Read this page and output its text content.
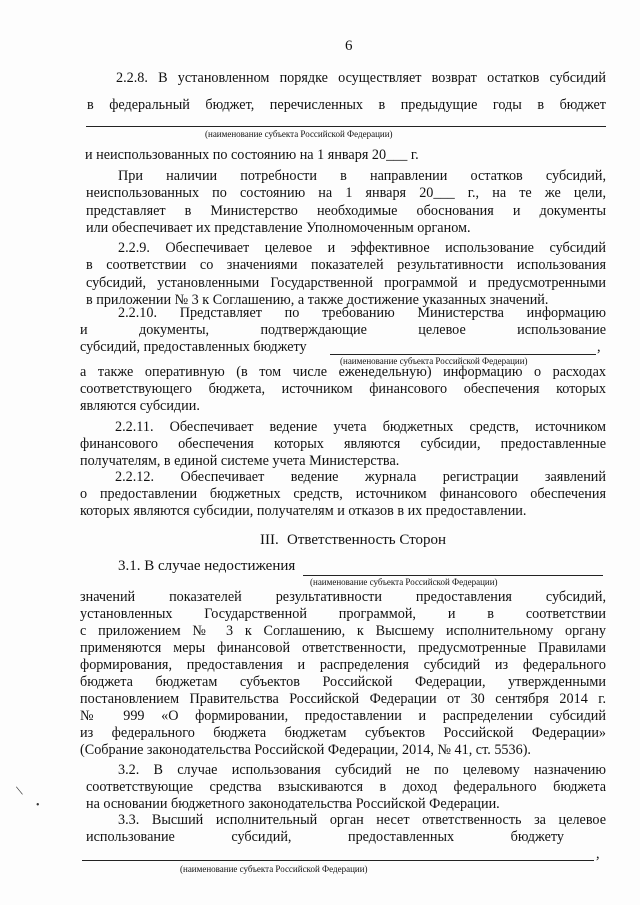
6
2.2.8. В установленном порядке осуществляет возврат остатков субсидий
в федеральный бюджет, перечисленных в предыдущие годы в бюджет
(наименование субъекта Российской Федерации)
и неиспользованных по состоянию на 1 января 20___ г.
При наличии потребности в направлении остатков субсидий,
неиспользованных по состоянию на 1 января 20___ г., на те же цели,
представляет в Министерство необходимые обоснования и документы
или обеспечивает их представление Уполномоченным органом.
2.2.9. Обеспечивает целевое и эффективное использование субсидий
в соответствии со значениями показателей результативности использования
субсидий, установленными Государственной программой и предусмотренными
в приложении № 3 к Соглашению, а также достижение указанных значений.
2.2.10. Представляет по требованию Министерства информацию
и документы, подтверждающие целевое использование
субсидий, предоставленных бюджету	,
(наименование субъекта Российской Федерации)
а также оперативную (в том числе еженедельную) информацию о расходах
соответствующего бюджета, источником финансового обеспечения которых
являются субсидии.
2.2.11. Обеспечивает ведение учета бюджетных средств, источником
финансового обеспечения которых являются субсидии, предоставленные
получателям, в единой системе учета Министерства.
2.2.12. Обеспечивает ведение журнала регистрации заявлений
о предоставлении бюджетных средств, источником финансового обеспечения
которых являются субсидии, получателям и отказов в их предоставлении.
III. Ответственность Сторон
3.1. В случае недостижения
(наименование субъекта Российской Федерации)
значений показателей результативности предоставления субсидий,
установленных Государственной программой, и в соответствии
с приложением № 3 к Соглашению, к Высшему исполнительному органу
применяются меры финансовой ответственности, предусмотренные Правилами
формирования, предоставления и распределения субсидий из федерального
бюджета бюджетам субъектов Российской Федерации, утвержденными
постановлением Правительства Российской Федерации от 30 сентября 2014 г.
№ 999 «О формировании, предоставлении и распределении субсидий
из федерального бюджета бюджетам субъектов Российской Федерации»
(Собрание законодательства Российской Федерации, 2014, № 41, ст. 5536).
3.2. В случае использования субсидий не по целевому назначению
соответствующие средства взыскиваются в доход федерального бюджета
на основании бюджетного законодательства Российской Федерации.
3.3. Высший исполнительный орган несет ответственность за целевое
использование субсидий, предоставленных бюджету
,
(наименование субъекта Российской Федерации)
\
•
